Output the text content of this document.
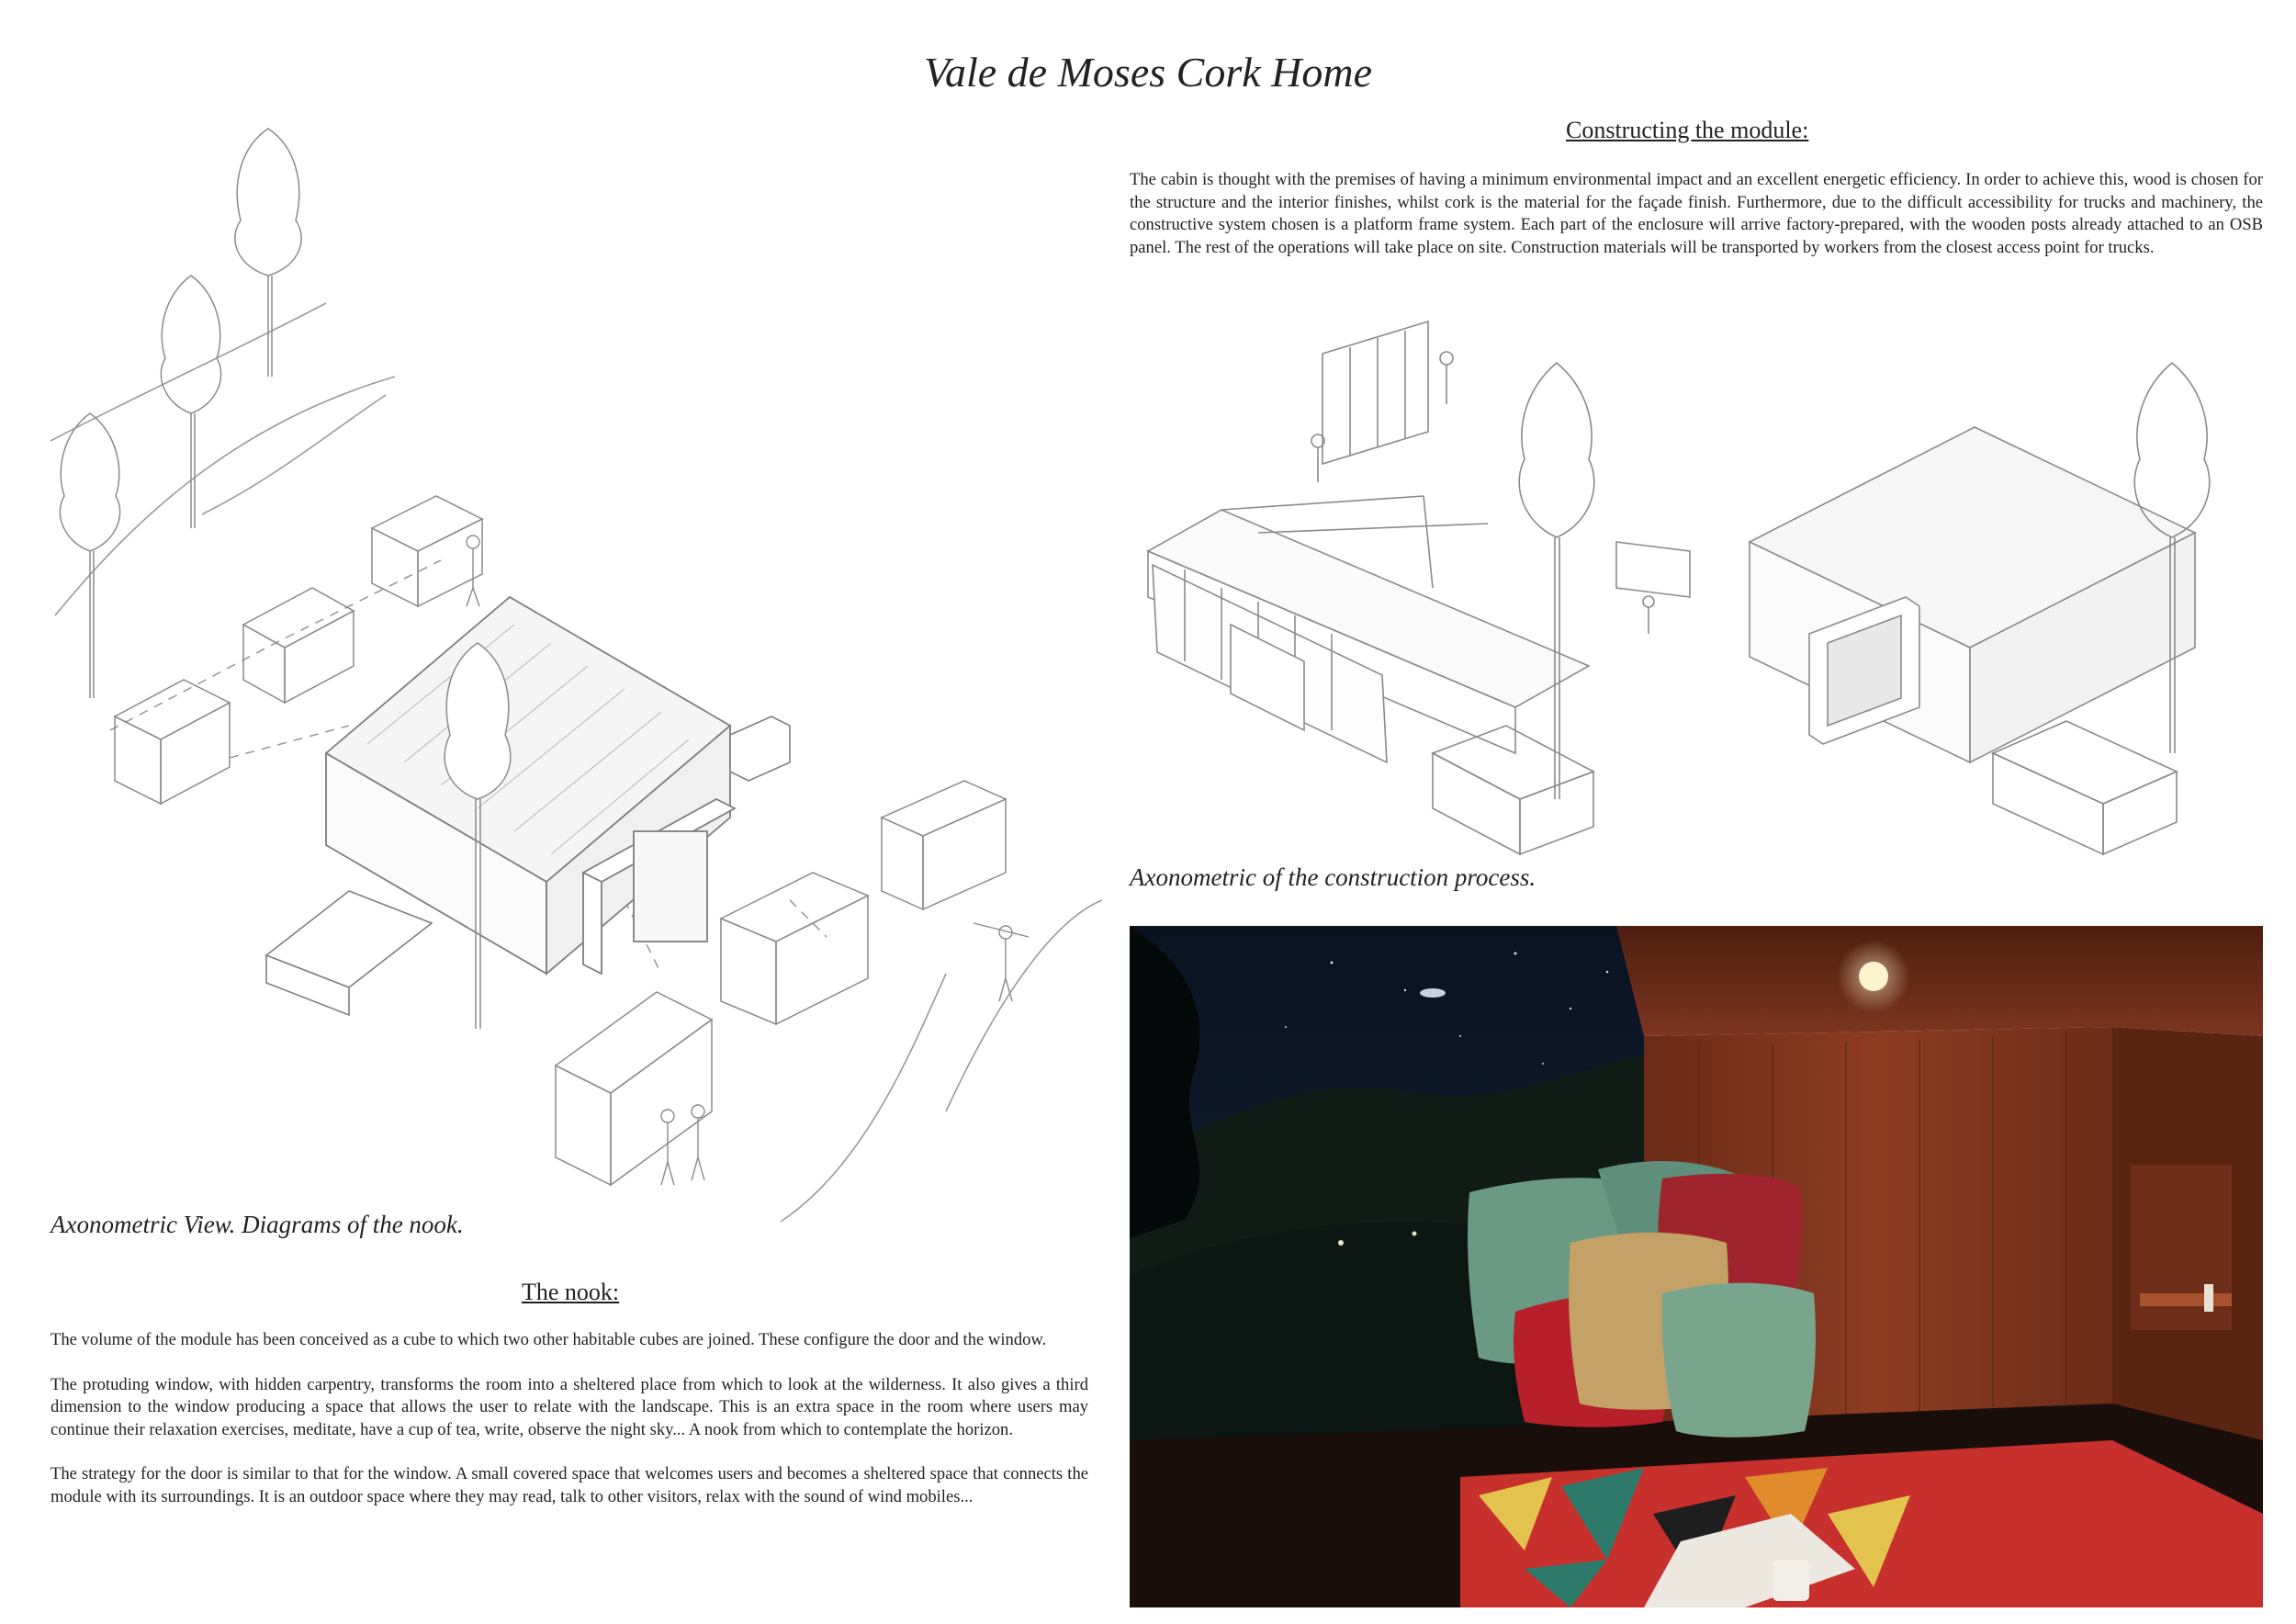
Vale de Moses Cork Home
Constructing the module:
The cabin is thought with the premises of having a minimum environmental impact and an excellent energetic efficiency. In order to achieve this, wood is chosen for the structure and the interior finishes, whilst cork is the material for the façade finish. Furthermore, due to the difficult accessibility for trucks and machinery, the constructive system chosen is a platform frame system. Each part of the enclosure will arrive factory-prepared, with the wooden posts already attached to an OSB panel. The rest of the operations will take place on site. Construction materials will be transported by workers from the closest access point for trucks.
Axonometric of the construction process.
Axonometric View. Diagrams of the nook.
The nook:

The volume of the module has been conceived as a cube to which two other habitable cubes are joined. These configure the door and the window.

The protuding window, with hidden carpentry, transforms the room into a sheltered place from which to look at the wilderness. It also gives a third dimension to the window producing a space that allows the user to relate with the landscape. This is an extra space in the room where users may continue their relaxation exercises, meditate, have a cup of tea, write, observe the night sky... A nook from which to contemplate the horizon.

The strategy for the door is similar to that for the window. A small covered space that welcomes users and becomes a sheltered space that connects the module with its surroundings. It is an outdoor space where they may read, talk to other visitors, relax with the sound of wind mobiles...
